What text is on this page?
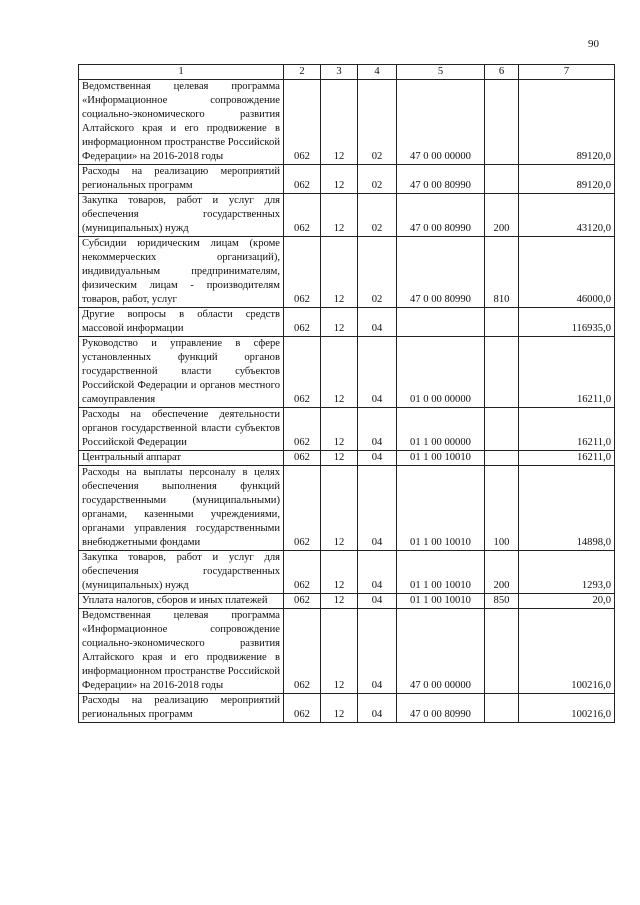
90
1	2	3	4	5	6	7
Ведомственная целевая программа «Информационное сопровождение социально-экономического развития Алтайского края и его продвижение в информационном пространстве Российской Федерации» на 2016-2018 годы	062	12	02	47 0 00 00000		89120,0
Расходы на реализацию мероприятий региональных программ	062	12	02	47 0 00 80990		89120,0
Закупка товаров, работ и услуг для обеспечения государственных (муниципальных) нужд	062	12	02	47 0 00 80990	200	43120,0
Субсидии юридическим лицам (кроме некоммерческих организаций), индивидуальным предпринимателям, физическим лицам - производителям товаров, работ, услуг	062	12	02	47 0 00 80990	810	46000,0
Другие вопросы в области средств массовой информации	062	12	04			116935,0
Руководство и управление в сфере установленных функций органов государственной власти субъектов Российской Федерации и органов местного самоуправления	062	12	04	01 0 00 00000		16211,0
Расходы на обеспечение деятельности органов государственной власти субъектов Российской Федерации	062	12	04	01 1 00 00000		16211,0
Центральный аппарат	062	12	04	01 1 00 10010		16211,0
Расходы на выплаты персоналу в целях обеспечения выполнения функций государственными (муниципальными) органами, казенными учреждениями, органами управления государственными внебюджетными фондами	062	12	04	01 1 00 10010	100	14898,0
Закупка товаров, работ и услуг для обеспечения государственных (муниципальных) нужд	062	12	04	01 1 00 10010	200	1293,0
Уплата налогов, сборов и иных платежей	062	12	04	01 1 00 10010	850	20,0
Ведомственная целевая программа «Информационное сопровождение социально-экономического развития Алтайского края и его продвижение в информационном пространстве Российской Федерации» на 2016-2018 годы	062	12	04	47 0 00 00000		100216,0
Расходы на реализацию мероприятий региональных программ	062	12	04	47 0 00 80990		100216,0
